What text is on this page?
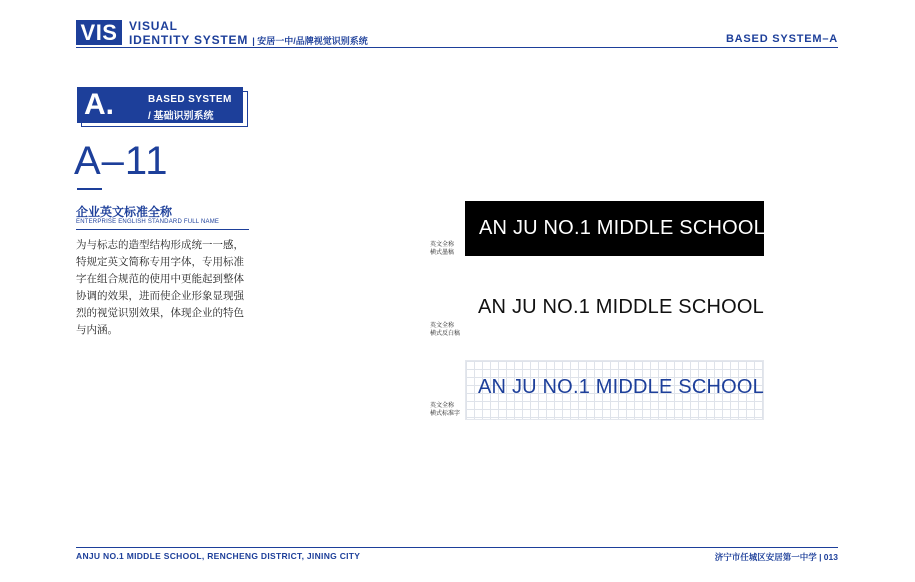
VIS VISUAL
IDENTITY SYSTEM | 安居一中/品牌视觉识别系统	BASED SYSTEM–A
A.	BASED SYSTEM
/ 基础识别系统
A–11
企业英文标准全称
ENTERPRISE ENGLISH STANDARD FULL NAME
为与标志的造型结构形成统一一感，特规定英文简称专用字体，专用标准字在组合规范的使用中更能起到整体协调的效果，进而使企业形象显现强烈的视觉识别效果，体现企业的特色与内涵。
英文全称
横式墨稿
AN JU NO.1 MIDDLE SCHOOL
英文全称
横式反白稿
AN JU NO.1 MIDDLE SCHOOL
英文全称
横式标准字
AN JU NO.1 MIDDLE SCHOOL
ANJU NO.1 MIDDLE SCHOOL, RENCHENG DISTRICT, JINING CITY	济宁市任城区安居第一中学 | 013
